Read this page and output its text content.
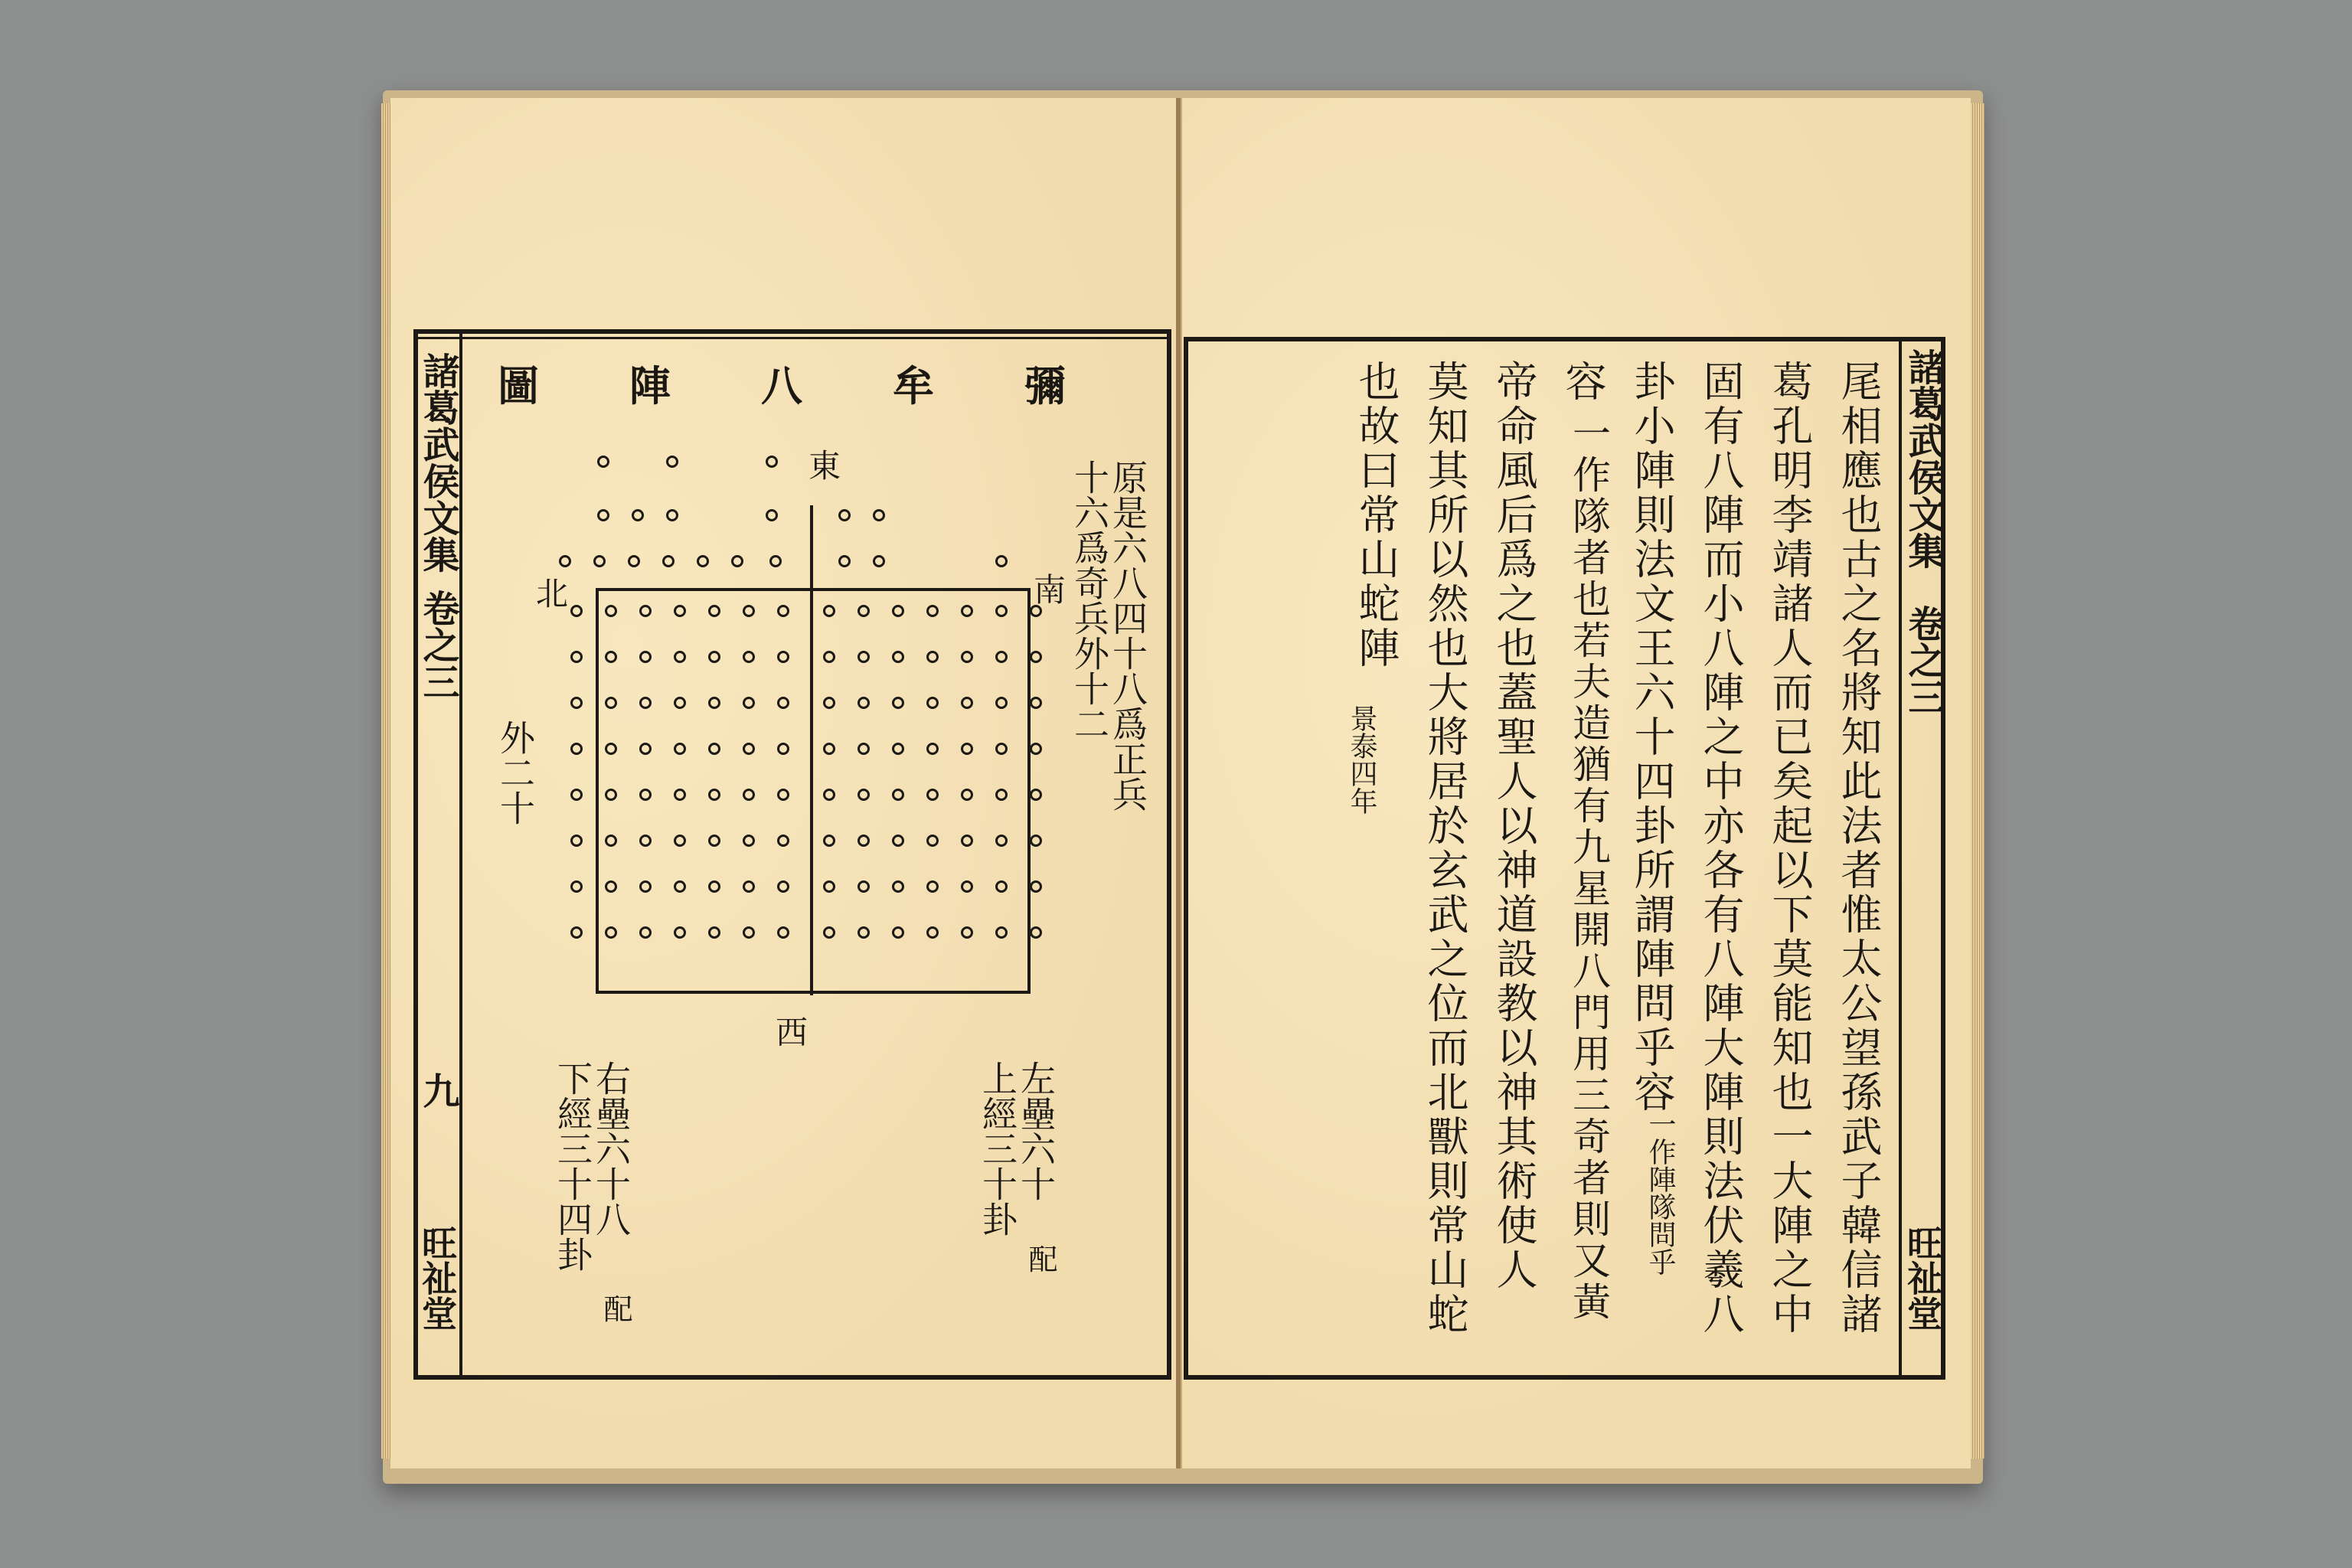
諸葛武侯文集
卷之三
九
旺祉堂
彌牟八陣圖
原是六八四十八爲正兵
十六爲奇兵外十二
東
南
西
北
外二十
左壘六十
上經三十卦
配
右壘六十八
下經三十四卦
配
諸葛武侯文集
卷之三
旺祉堂
尾相應也古之名將知此法者惟太公望孫武子韓信諸
葛孔明李靖諸人而已矣起以下莫能知也一大陣之中
固有八陣而小八陣之中亦各有八陣大陣則法伏羲八
卦小陣則法文王六十四卦所謂陣問乎容
一作陣隊問乎
容
一作隊者也若夫造猶有九星開八門用三奇者則又黃
帝命風后爲之也蓋聖人以神道設教以神其術使人
莫知其所以然也大將居於玄武之位而北獸則常山蛇
也故曰常山蛇陣
景泰四年
